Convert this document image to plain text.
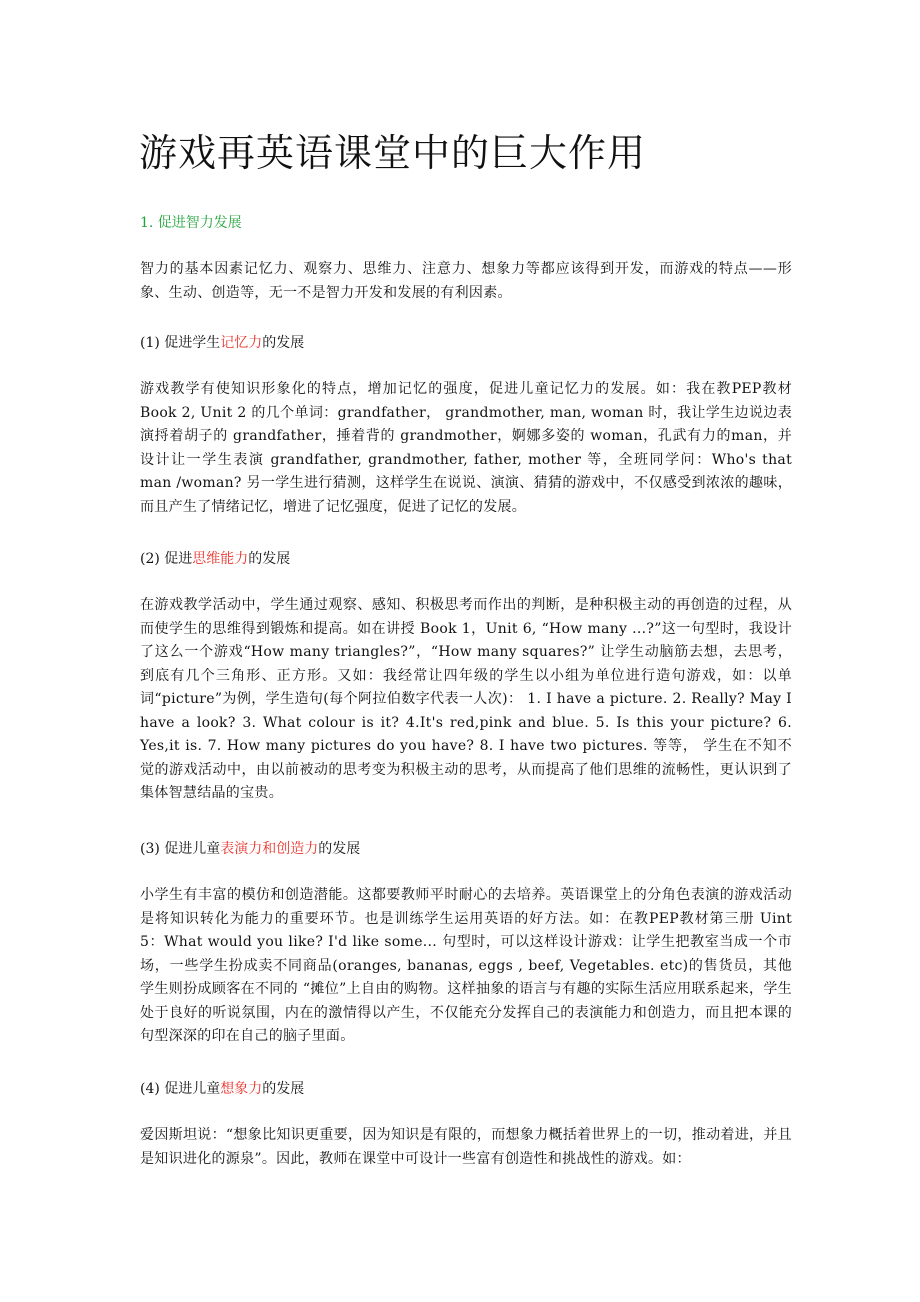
游戏再英语课堂中的巨大作用
1. 促进智力发展

智力的基本因素记忆力、观察力、思维力、注意力、想象力等都应该得到开发，而游戏的特点——形象、生动、创造等，无一不是智力开发和发展的有利因素。

(1) 促进学生记忆力的发展

游戏教学有使知识形象化的特点，增加记忆的强度，促进儿童记忆力的发展。如：我在教PEP教材 Book 2, Unit 2 的几个单词：grandfather， grandmother, man, woman 时，我让学生边说边表演捋着胡子的 grandfather，捶着背的 grandmother，婀娜多姿的 woman，孔武有力的man，并设计让一学生表演 grandfather, grandmother, father, mother 等，全班同学问：Who's that man /woman? 另一学生进行猜测，这样学生在说说、演演、猜猜的游戏中，不仅感受到浓浓的趣味，而且产生了情绪记忆，增进了记忆强度，促进了记忆的发展。

(2) 促进思维能力的发展

在游戏教学活动中，学生通过观察、感知、积极思考而作出的判断，是种积极主动的再创造的过程，从而使学生的思维得到锻炼和提高。如在讲授 Book 1，Unit 6, “How many ...?”这一句型时，我设计了这么一个游戏“How many triangles?”，“How many squares?” 让学生动脑筋去想，去思考，到底有几个三角形、正方形。又如：我经常让四年级的学生以小组为单位进行造句游戏，如：以单词“picture”为例，学生造句(每个阿拉伯数字代表一人次)： 1. I have a picture. 2. Really? May I have a look? 3. What colour is it? 4.It's red,pink and blue. 5. Is this your picture? 6. Yes,it is. 7. How many pictures do you have? 8. I have two pictures. 等等， 学生在不知不觉的游戏活动中，由以前被动的思考变为积极主动的思考，从而提高了他们思维的流畅性，更认识到了集体智慧结晶的宝贵。

(3) 促进儿童表演力和创造力的发展

小学生有丰富的模仿和创造潜能。这都要教师平时耐心的去培养。英语课堂上的分角色表演的游戏活动是将知识转化为能力的重要环节。也是训练学生运用英语的好方法。如：在教PEP教材第三册 Uint 5：What would you like? I'd like some... 句型时，可以这样设计游戏：让学生把教室当成一个市场，一些学生扮成卖不同商品(oranges, bananas, eggs , beef, Vegetables. etc)的售货员，其他学生则扮成顾客在不同的 “摊位”上自由的购物。这样抽象的语言与有趣的实际生活应用联系起来，学生处于良好的听说氛围，内在的激情得以产生，不仅能充分发挥自己的表演能力和创造力，而且把本课的句型深深的印在自己的脑子里面。

(4) 促进儿童想象力的发展

爱因斯坦说：“想象比知识更重要，因为知识是有限的，而想象力概括着世界上的一切，推动着进，并且是知识进化的源泉”。因此，教师在课堂中可设计一些富有创造性和挑战性的游戏。如：
